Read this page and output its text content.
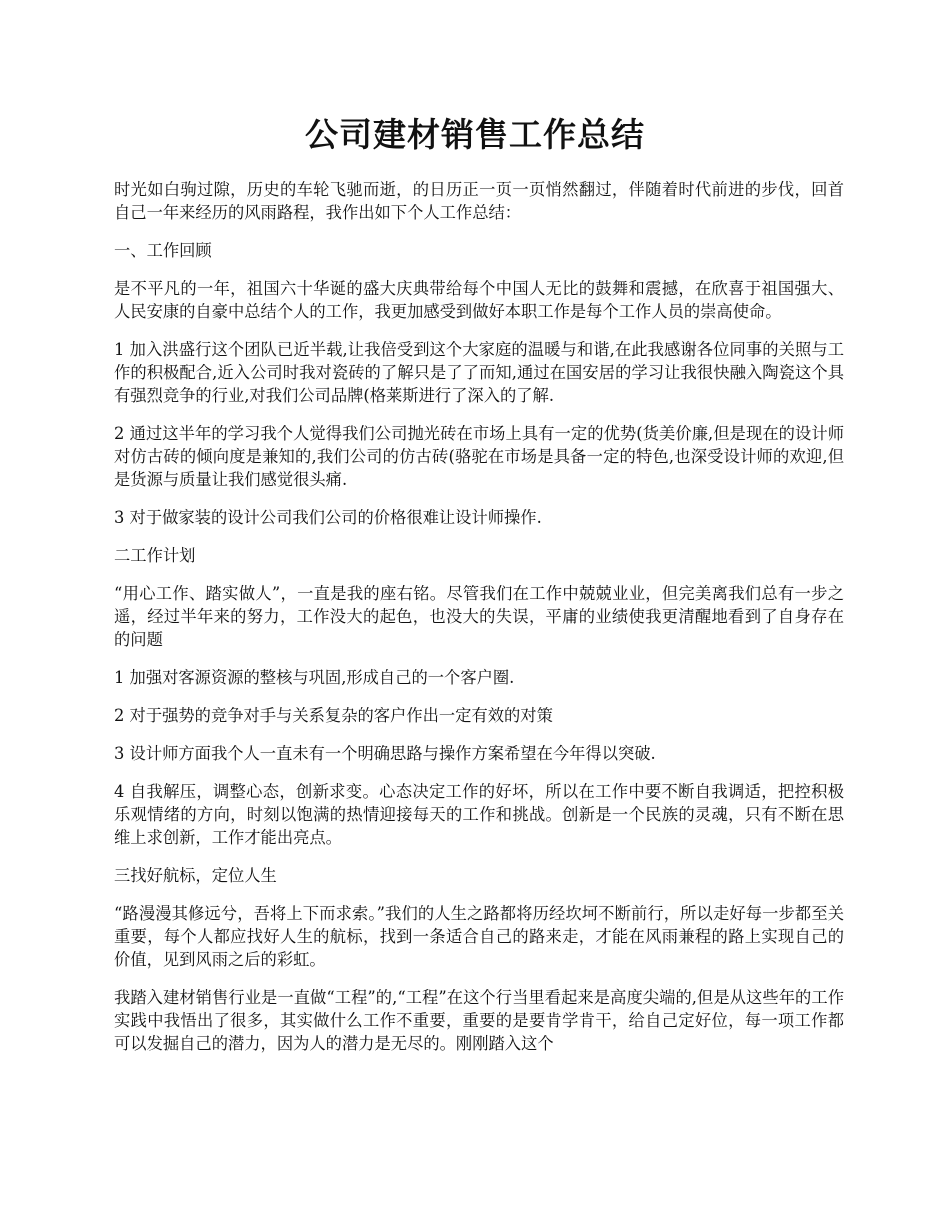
公司建材销售工作总结

时光如白驹过隙，历史的车轮飞驰而逝，的日历正一页一页悄然翻过，伴随着时代前进的步伐，回首自己一年来经历的风雨路程，我作出如下个人工作总结：

一、工作回顾

是不平凡的一年，祖国六十华诞的盛大庆典带给每个中国人无比的鼓舞和震撼，在欣喜于祖国强大、人民安康的自豪中总结个人的工作，我更加感受到做好本职工作是每个工作人员的崇高使命。

1 加入洪盛行这个团队已近半载,让我倍受到这个大家庭的温暖与和谐,在此我感谢各位同事的关照与工作的积极配合,近入公司时我对瓷砖的了解只是了了而知,通过在国安居的学习让我很快融入陶瓷这个具有强烈竞争的行业,对我们公司品牌(格莱斯进行了深入的了解.

2 通过这半年的学习我个人觉得我们公司抛光砖在市场上具有一定的优势(货美价廉,但是现在的设计师对仿古砖的倾向度是兼知的,我们公司的仿古砖(骆驼在市场是具备一定的特色,也深受设计师的欢迎,但是货源与质量让我们感觉很头痛.

3 对于做家装的设计公司我们公司的价格很难让设计师操作.

二工作计划

“用心工作、踏实做人”，一直是我的座右铭。尽管我们在工作中兢兢业业，但完美离我们总有一步之遥，经过半年来的努力，工作没大的起色，也没大的失误，平庸的业绩使我更清醒地看到了自身存在的问题

1 加强对客源资源的整核与巩固,形成自己的一个客户圈.

2 对于强势的竞争对手与关系复杂的客户作出一定有效的对策

3 设计师方面我个人一直未有一个明确思路与操作方案希望在今年得以突破.

4 自我解压，调整心态，创新求变。心态决定工作的好坏，所以在工作中要不断自我调适，把控积极乐观情绪的方向，时刻以饱满的热情迎接每天的工作和挑战。创新是一个民族的灵魂，只有不断在思维上求创新，工作才能出亮点。

三找好航标，定位人生

“路漫漫其修远兮，吾将上下而求索。”我们的人生之路都将历经坎坷不断前行，所以走好每一步都至关重要，每个人都应找好人生的航标，找到一条适合自己的路来走，才能在风雨兼程的路上实现自己的价值，见到风雨之后的彩虹。

我踏入建材销售行业是一直做“工程”的,“工程”在这个行当里看起来是高度尖端的,但是从这些年的工作实践中我悟出了很多，其实做什么工作不重要，重要的是要肯学肯干，给自己定好位，每一项工作都可以发掘自己的潜力，因为人的潜力是无尽的。刚刚踏入这个
